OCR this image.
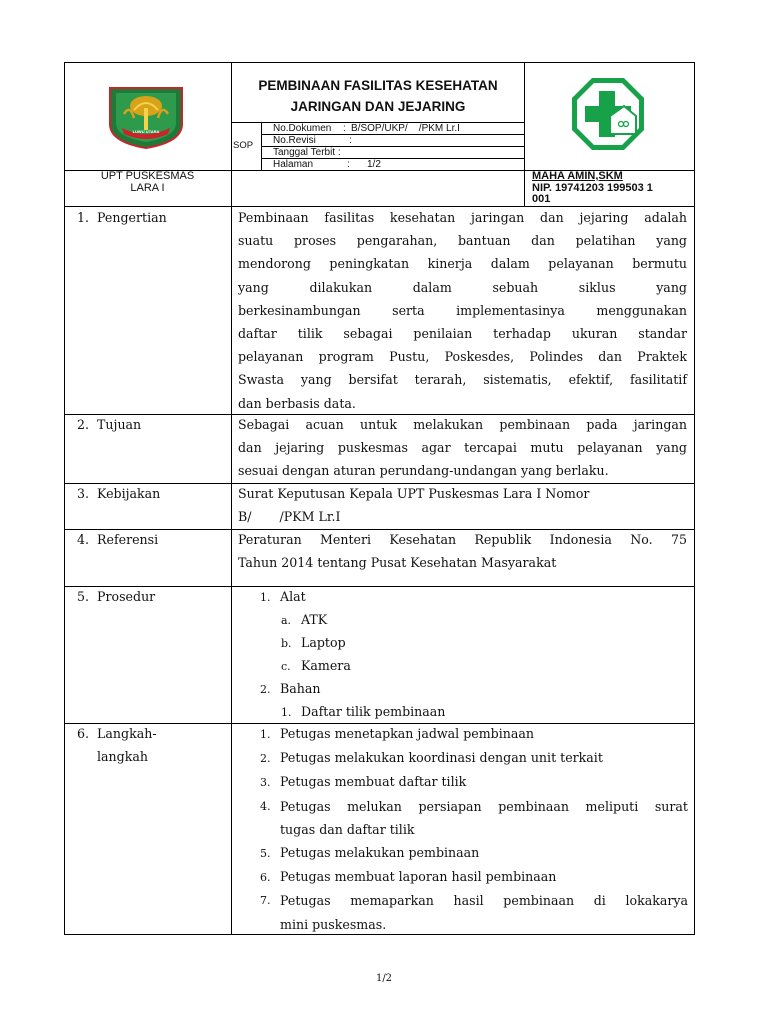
LUWU UTARA
PEMBINAAN FASILITAS KESEHATAN
JARINGAN DAN JEJARING
SOP
No.Dokumen : B/SOP/UKP/    /PKM Lr.I
No.Revisi	:
Tanggal Terbit :
Halaman	: 1/2
UPT PUSKESMAS
LARA I
MAHA AMIN,SKM
NIP. 19741203 199503 1
001
1.  Pengertian	Pembinaan fasilitas kesehatan jaringan dan jejaring adalah
suatu proses pengarahan, bantuan dan pelatihan yang
mendorong peningkatan kinerja dalam pelayanan bermutu
yang dilakukan dalam sebuah siklus yang
berkesinambungan serta implementasinya menggunakan
daftar tilik sebagai penilaian terhadap ukuran standar
pelayanan program Pustu, Poskesdes, Polindes dan Praktek
Swasta yang bersifat terarah, sistematis, efektif, fasilitatif
dan berbasis data.
2.  Tujuan	Sebagai acuan untuk melakukan pembinaan pada jaringan
dan jejaring puskesmas agar tercapai mutu pelayanan yang
sesuai dengan aturan perundang-undangan yang berlaku.
3.  Kebijakan	Surat Keputusan Kepala UPT Puskesmas Lara I Nomor
B/       /PKM Lr.I
4.  Referensi	Peraturan Menteri Kesehatan Republik Indonesia No. 75
Tahun 2014 tentang Pusat Kesehatan Masyarakat
5.  Prosedur	1. Alat
a. ATK
b. Laptop
c. Kamera
2. Bahan
1. Daftar tilik pembinaan
6.  Langkah-
langkah
1. Petugas menetapkan jadwal pembinaan
2. Petugas melakukan koordinasi dengan unit terkait
3. Petugas membuat daftar tilik
4. Petugas melukan persiapan pembinaan meliputi surat
tugas dan daftar tilik
5. Petugas melakukan pembinaan
6. Petugas membuat laporan hasil pembinaan
7. Petugas memaparkan hasil pembinaan di lokakarya
mini puskesmas.
1/2
